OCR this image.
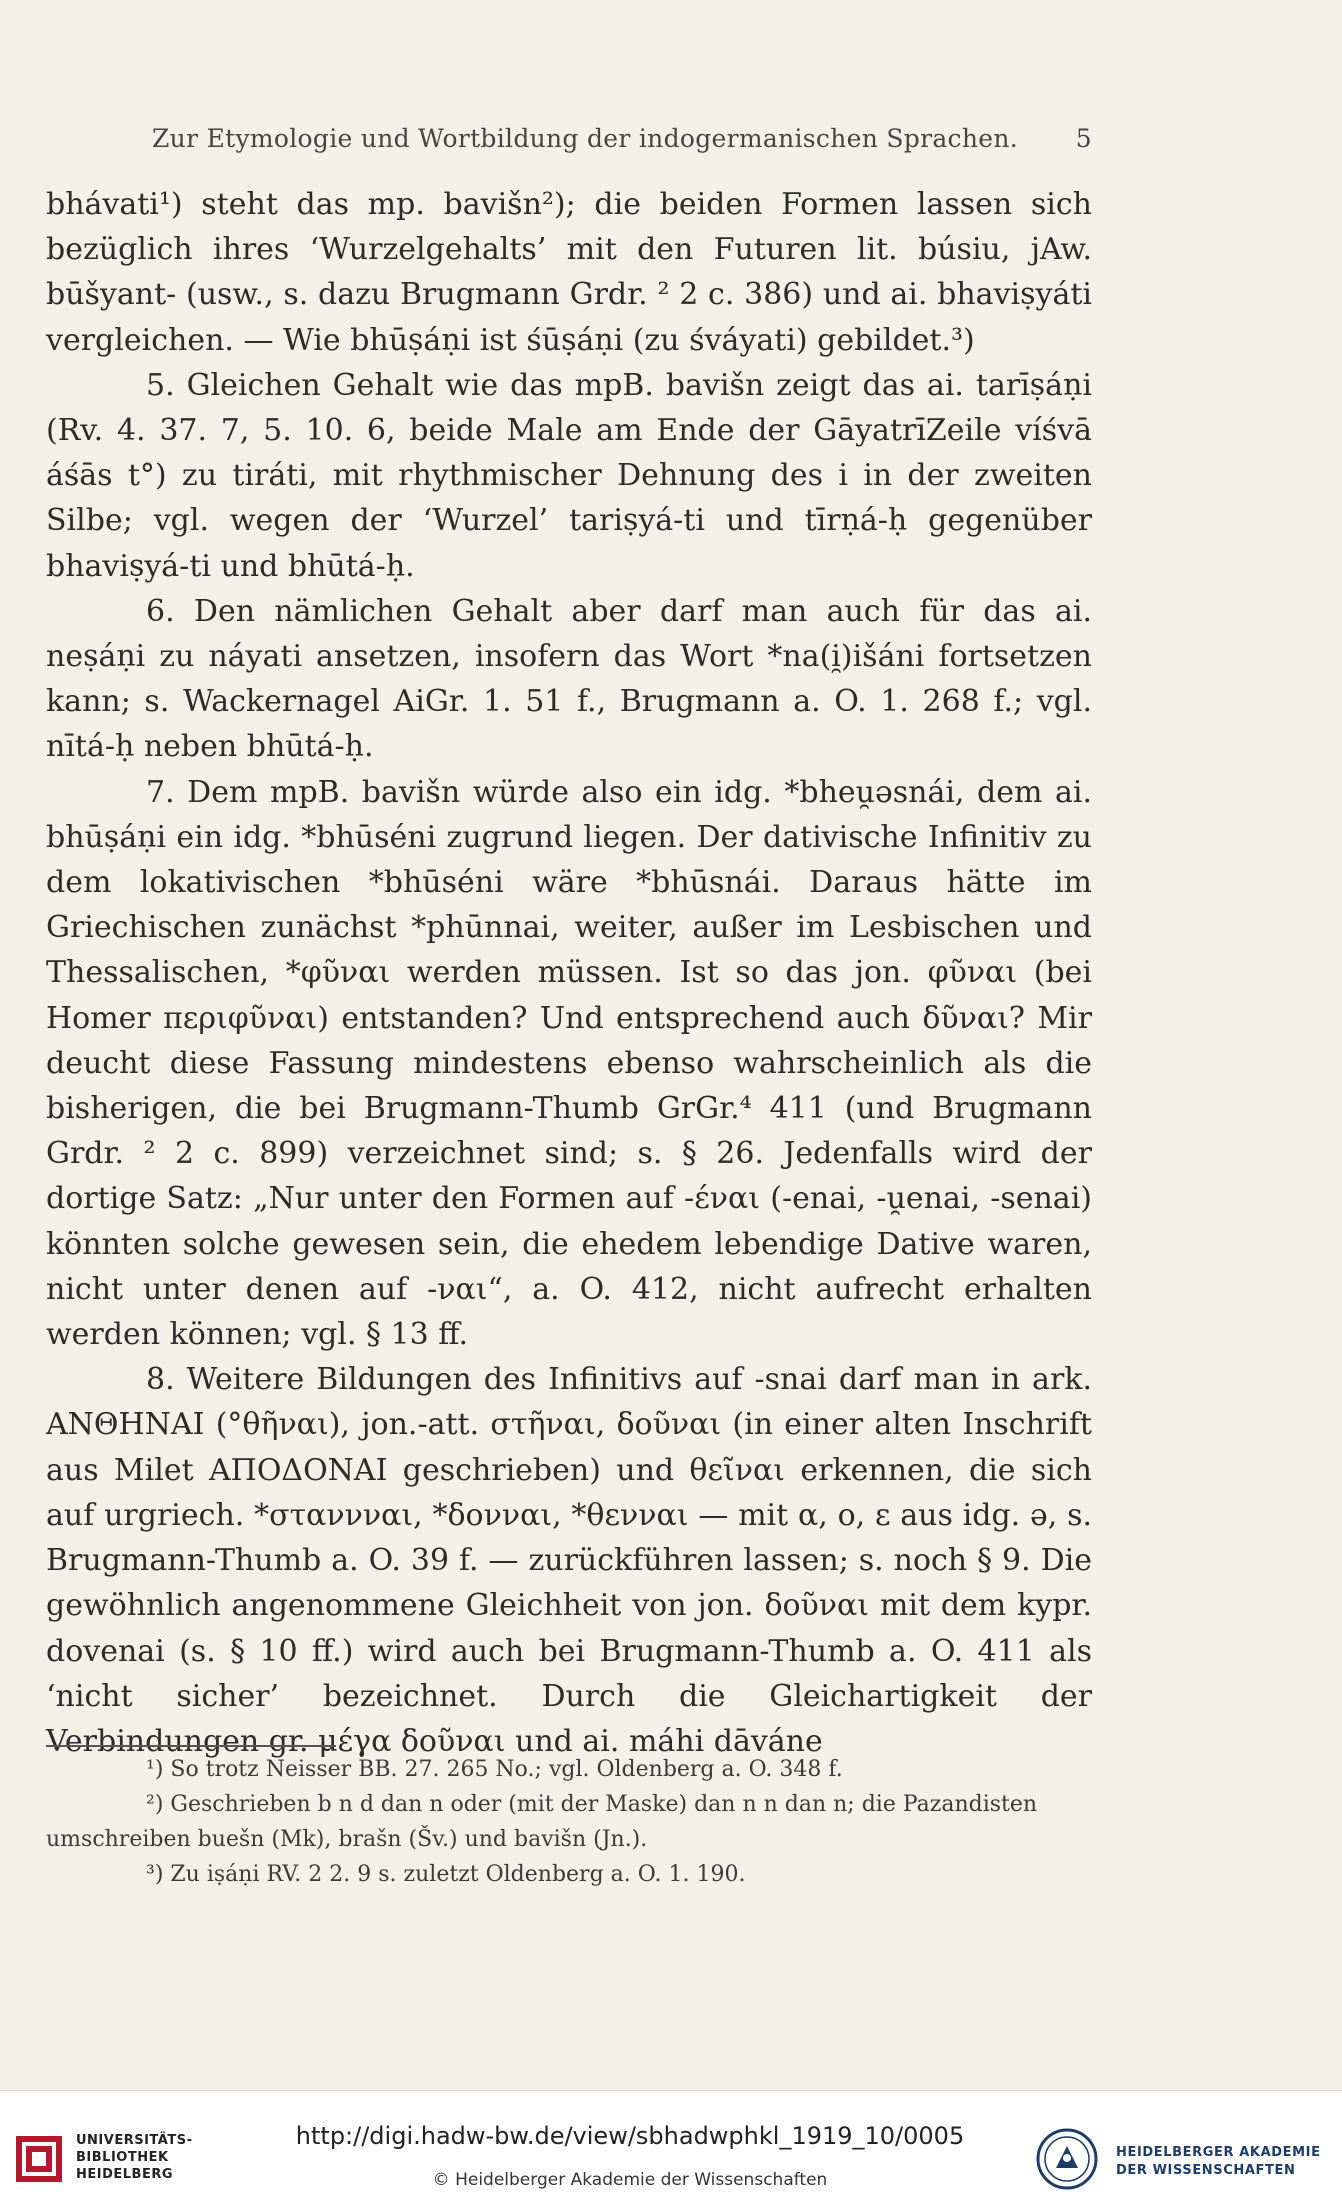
Zur Etymologie und Wortbildung der indogermanischen Sprachen. 5

bhávati¹) steht das mp. bavišn²); die beiden Formen lassen sich bezüglich ihres ‘Wurzelgehalts’ mit den Futuren lit. búsiu, jAw. būšyant- (usw., s. dazu Brugmann Grdr. ² 2 c. 386) und ai. bhaviṣyáti vergleichen. — Wie bhūṣáṇi ist śūṣáṇi (zu śváyati) gebildet.³)

5. Gleichen Gehalt wie das mpB. bavišn zeigt das ai. tarīṣáṇi (Rv. 4. 37. 7, 5. 10. 6, beide Male am Ende der GāyatrīZeile víśvā áśās t°) zu tiráti, mit rhythmischer Dehnung des i in der zweiten Silbe; vgl. wegen der ‘Wurzel’ tariṣyá-ti und tīrṇá-ḥ gegenüber bhaviṣyá-ti und bhūtá-ḥ.

6. Den nämlichen Gehalt aber darf man auch für das ai. neṣáṇi zu náyati ansetzen, insofern das Wort *na(i̯)išáni fortsetzen kann; s. Wackernagel AiGr. 1. 51 f., Brugmann a. O. 1. 268 f.; vgl. nītá-ḥ neben bhūtá-ḥ.

7. Dem mpB. bavišn würde also ein idg. *bheu̯əsnái, dem ai. bhūṣáṇi ein idg. *bhūséni zugrund liegen. Der dativische Infinitiv zu dem lokativischen *bhūséni wäre *bhūsnái. Daraus hätte im Griechischen zunächst *phūnnai, weiter, außer im Lesbischen und Thessalischen, *φῦναι werden müssen. Ist so das jon. φῦναι (bei Homer περιφῦναι) entstanden? Und entsprechend auch δῦναι? Mir deucht diese Fassung mindestens ebenso wahrscheinlich als die bisherigen, die bei Brugmann-Thumb GrGr.⁴ 411 (und Brugmann Grdr. ² 2 c. 899) verzeichnet sind; s. § 26. Jedenfalls wird der dortige Satz: „Nur unter den Formen auf -έναι (-enai, -u̯enai, -senai) könnten solche gewesen sein, die ehedem lebendige Dative waren, nicht unter denen auf -ναι“, a. O. 412, nicht aufrecht erhalten werden können; vgl. § 13 ff.

8. Weitere Bildungen des Infinitivs auf -snai darf man in ark. ΑΝΘΗΝΑΙ (°θῆναι), jon.-att. στῆναι, δοῦναι (in einer alten Inschrift aus Milet ΑΠΟΔΟΝΑΙ geschrieben) und θεῖναι erkennen, die sich auf urgriech. *σταννναι, *δονναι, *θενναι — mit α, ο, ε aus idg. ə, s. Brugmann-Thumb a. O. 39 f. — zurückführen lassen; s. noch § 9. Die gewöhnlich angenommene Gleichheit von jon. δοῦναι mit dem kypr. dovenai (s. § 10 ff.) wird auch bei Brugmann-Thumb a. O. 411 als ‘nicht sicher’ bezeichnet. Durch die Gleichartigkeit der Verbindungen gr. μέγα δοῦναι und ai. máhi dāváne

¹) So trotz Neisser BB. 27. 265 No.; vgl. Oldenberg a. O. 348 f.

²) Geschrieben b n d dan n oder (mit der Maske) dan n n dan n; die Pazandisten umschreiben buešn (Mk), brašn (Šv.) und bavišn (Jn.).

³) Zu iṣáṇi RV. 2 2. 9 s. zuletzt Oldenberg a. O. 1. 190.

UNIVERSITÄTS-
BIBLIOTHEK
HEIDELBERG
http://digi.hadw-bw.de/view/sbhadwphkl_1919_10/0005
© Heidelberger Akademie der Wissenschaften
HEIDELBERGER AKADEMIE
DER WISSENSCHAFTEN
